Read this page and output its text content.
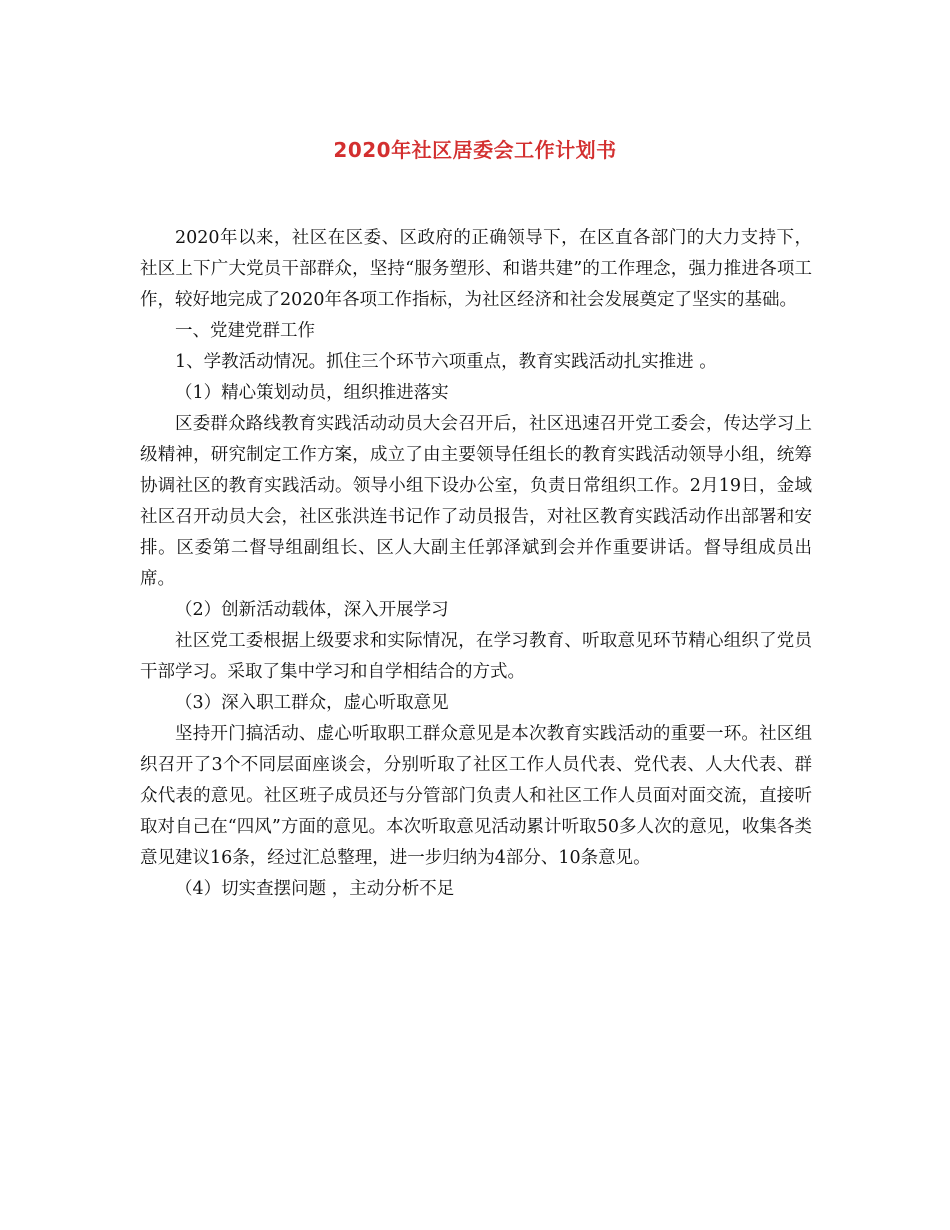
2020年社区居委会工作计划书

2020年以来，社区在区委、区政府的正确领导下，在区直各部门的大力支持下，社区上下广大党员干部群众，坚持“服务塑形、和谐共建”的工作理念，强力推进各项工作，较好地完成了2020年各项工作指标，为社区经济和社会发展奠定了坚实的基础。

一、党建党群工作

1、学教活动情况。抓住三个环节六项重点，教育实践活动扎实推进 。

（1）精心策划动员，组织推进落实

区委群众路线教育实践活动动员大会召开后，社区迅速召开党工委会，传达学习上级精神，研究制定工作方案，成立了由主要领导任组长的教育实践活动领导小组，统筹协调社区的教育实践活动。领导小组下设办公室，负责日常组织工作。2月19日，金域社区召开动员大会，社区张洪连书记作了动员报告，对社区教育实践活动作出部署和安排。区委第二督导组副组长、区人大副主任郭泽斌到会并作重要讲话。督导组成员出席。

（2）创新活动载体，深入开展学习

社区党工委根据上级要求和实际情况，在学习教育、听取意见环节精心组织了党员干部学习。采取了集中学习和自学相结合的方式。

（3）深入职工群众，虚心听取意见

坚持开门搞活动、虚心听取职工群众意见是本次教育实践活动的重要一环。社区组织召开了3个不同层面座谈会，分别听取了社区工作人员代表、党代表、人大代表、群众代表的意见。社区班子成员还与分管部门负责人和社区工作人员面对面交流，直接听取对自己在“四风”方面的意见。本次听取意见活动累计听取50多人次的意见，收集各类意见建议16条，经过汇总整理，进一步归纳为4部分、10条意见。

（4）切实查摆问题 ，主动分析不足
